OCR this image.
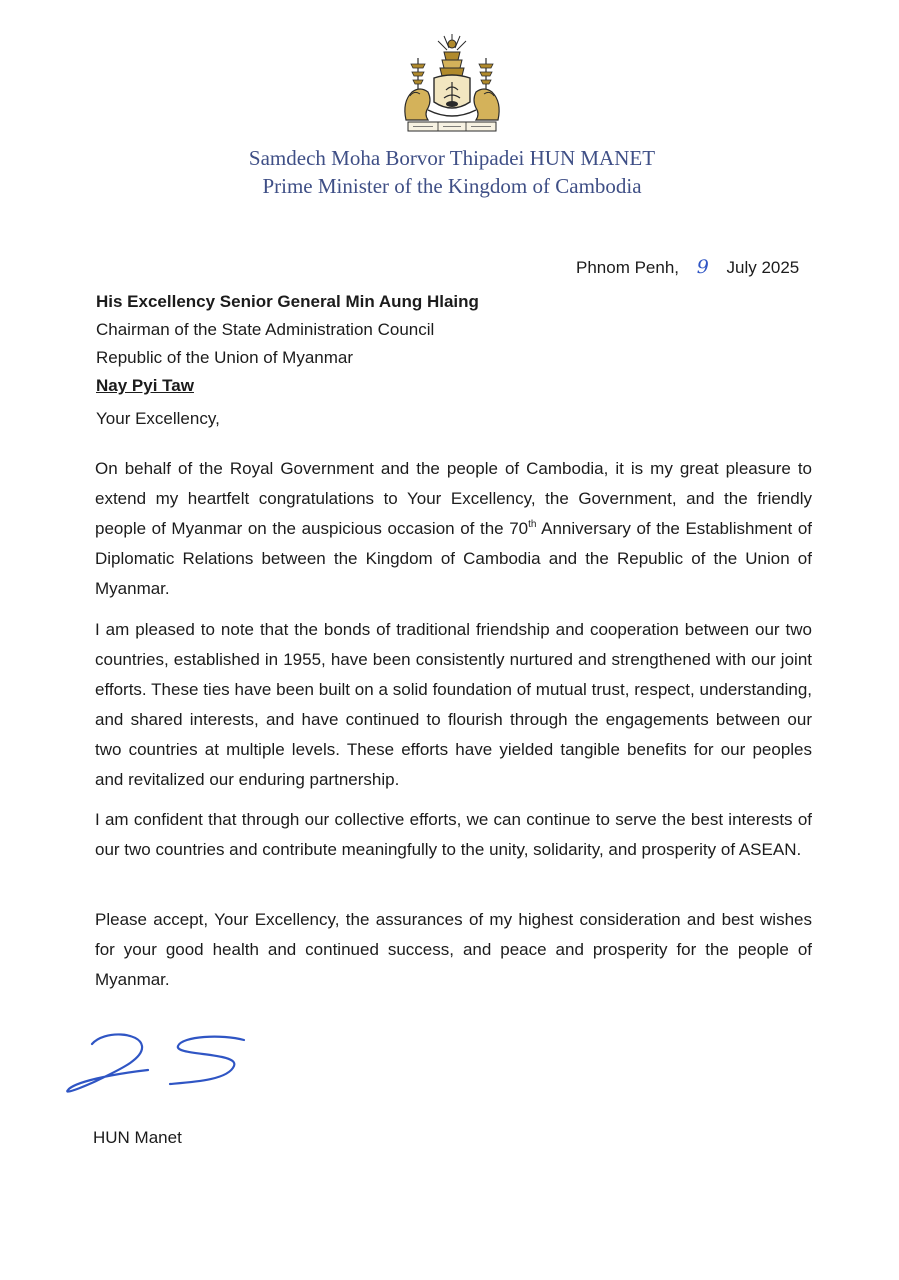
Samdech Moha Borvor Thipadei HUN MANET
Prime Minister of the Kingdom of Cambodia
Phnom Penh, 9 July 2025
His Excellency Senior General Min Aung Hlaing
Chairman of the State Administration Council
Republic of the Union of Myanmar
Nay Pyi Taw
Your Excellency,

On behalf of the Royal Government and the people of Cambodia, it is my great pleasure to extend my heartfelt congratulations to Your Excellency, the Government, and the friendly people of Myanmar on the auspicious occasion of the 70th Anniversary of the Establishment of Diplomatic Relations between the Kingdom of Cambodia and the Republic of the Union of Myanmar.

I am pleased to note that the bonds of traditional friendship and cooperation between our two countries, established in 1955, have been consistently nurtured and strengthened with our joint efforts. These ties have been built on a solid foundation of mutual trust, respect, understanding, and shared interests, and have continued to flourish through the engagements between our two countries at multiple levels. These efforts have yielded tangible benefits for our peoples and revitalized our enduring partnership.

I am confident that through our collective efforts, we can continue to serve the best interests of our two countries and contribute meaningfully to the unity, solidarity, and prosperity of ASEAN.

Please accept, Your Excellency, the assurances of my highest consideration and best wishes for your good health and continued success, and peace and prosperity for the people of Myanmar.

HUN Manet
